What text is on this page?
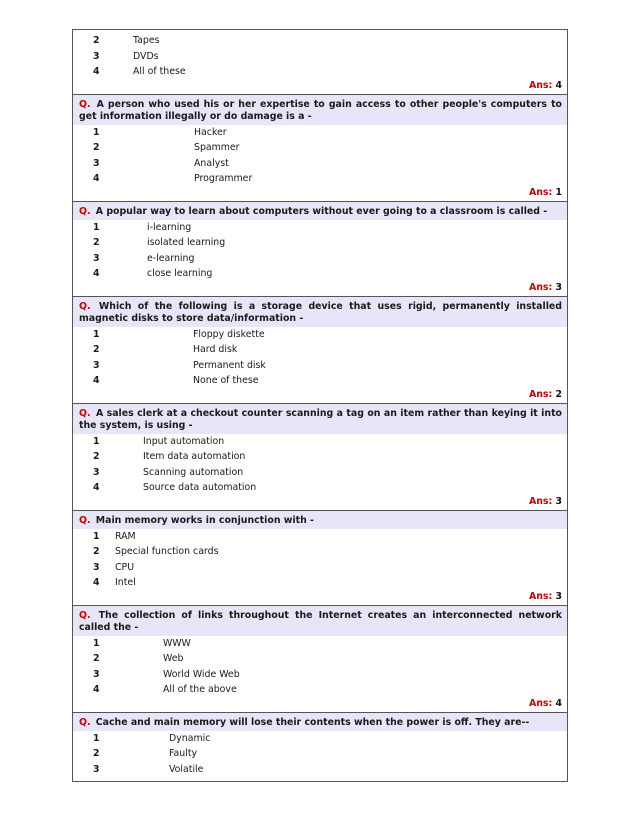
2	Tapes
3	DVDs
4	All of these
Ans: 4
Q. A person who used his or her expertise to gain access to other people's computers to get information illegally or do damage is a -
1	Hacker
2	Spammer
3	Analyst
4	Programmer
Ans: 1
Q. A popular way to learn about computers without ever going to a classroom is called -
1	i-learning
2	isolated learning
3	e-learning
4	close learning
Ans: 3
Q. Which of the following is a storage device that uses rigid, permanently installed magnetic disks to store data/information -
1	Floppy diskette
2	Hard disk
3	Permanent disk
4	None of these
Ans: 2
Q. A sales clerk at a checkout counter scanning a tag on an item rather than keying it into the system, is using -
1	Input automation
2	Item data automation
3	Scanning automation
4	Source data automation
Ans: 3
Q. Main memory works in conjunction with -
1 RAM
2 Special function cards
3 CPU
4 Intel
Ans: 3
Q. The collection of links throughout the Internet creates an interconnected network called the -
1	WWW
2	Web
3	World Wide Web
4	All of the above
Ans: 4
Q. Cache and main memory will lose their contents when the power is off. They are--
1	Dynamic
2	Faulty
3	Volatile
